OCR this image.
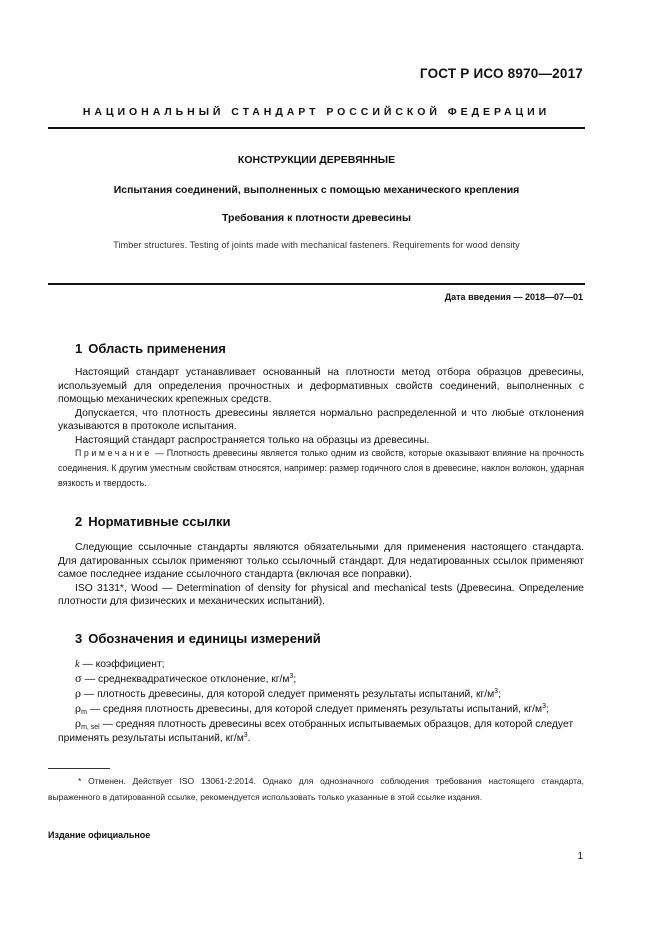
ГОСТ Р ИСО 8970—2017
НАЦИОНАЛЬНЫЙ СТАНДАРТ РОССИЙСКОЙ ФЕДЕРАЦИИ
КОНСТРУКЦИИ ДЕРЕВЯННЫЕ
Испытания соединений, выполненных с помощью механического крепления
Требования к плотности древесины
Timber structures. Testing of joints made with mechanical fasteners. Requirements for wood density
Дата введения — 2018—07—01
1 Область применения

Настоящий стандарт устанавливает основанный на плотности метод отбора образцов древесины, используемый для определения прочностных и деформативных свойств соединений, выполненных с помощью механических крепежных средств.

Допускается, что плотность древесины является нормально распределенной и что любые отклонения указываются в протоколе испытания.

Настоящий стандарт распространяется только на образцы из древесины.

Примечание — Плотность древесины является только одним из свойств, которые оказывают влияние на прочность соединения. К другим уместным свойствам относятся, например: размер годичного слоя в древесине, наклон волокон, ударная вязкость и твердость.

2 Нормативные ссылки

Следующие ссылочные стандарты являются обязательными для применения настоящего стандарта. Для датированных ссылок применяют только ссылочный стандарт. Для недатированных ссылок применяют самое последнее издание ссылочного стандарта (включая все поправки).

ISO 3131*, Wood — Determination of density for physical and mechanical tests (Древесина. Определение плотности для физических и механических испытаний).

3 Обозначения и единицы измерений
k — коэффициент;
σ — среднеквадратическое отклонение, $кг/м^3$;
ρ — плотность древесины, для которой следует применять результаты испытаний, $кг/м^3$;
$\rho_m$ — средняя плотность древесины, для которой следует применять результаты испытаний, $кг/м^3$;
$\rho_{m, sel}$ — средняя плотность древесины всех отобранных испытываемых образцов, для которой следует применять результаты испытаний, $кг/м^3$.

* Отменен. Действует ISO 13061-2:2014. Однако для однозначного соблюдения требования настоящего стандарта, выраженного в датированной ссылке, рекомендуется использовать только указанные в этой ссылке издания.

Издание официальное
1
